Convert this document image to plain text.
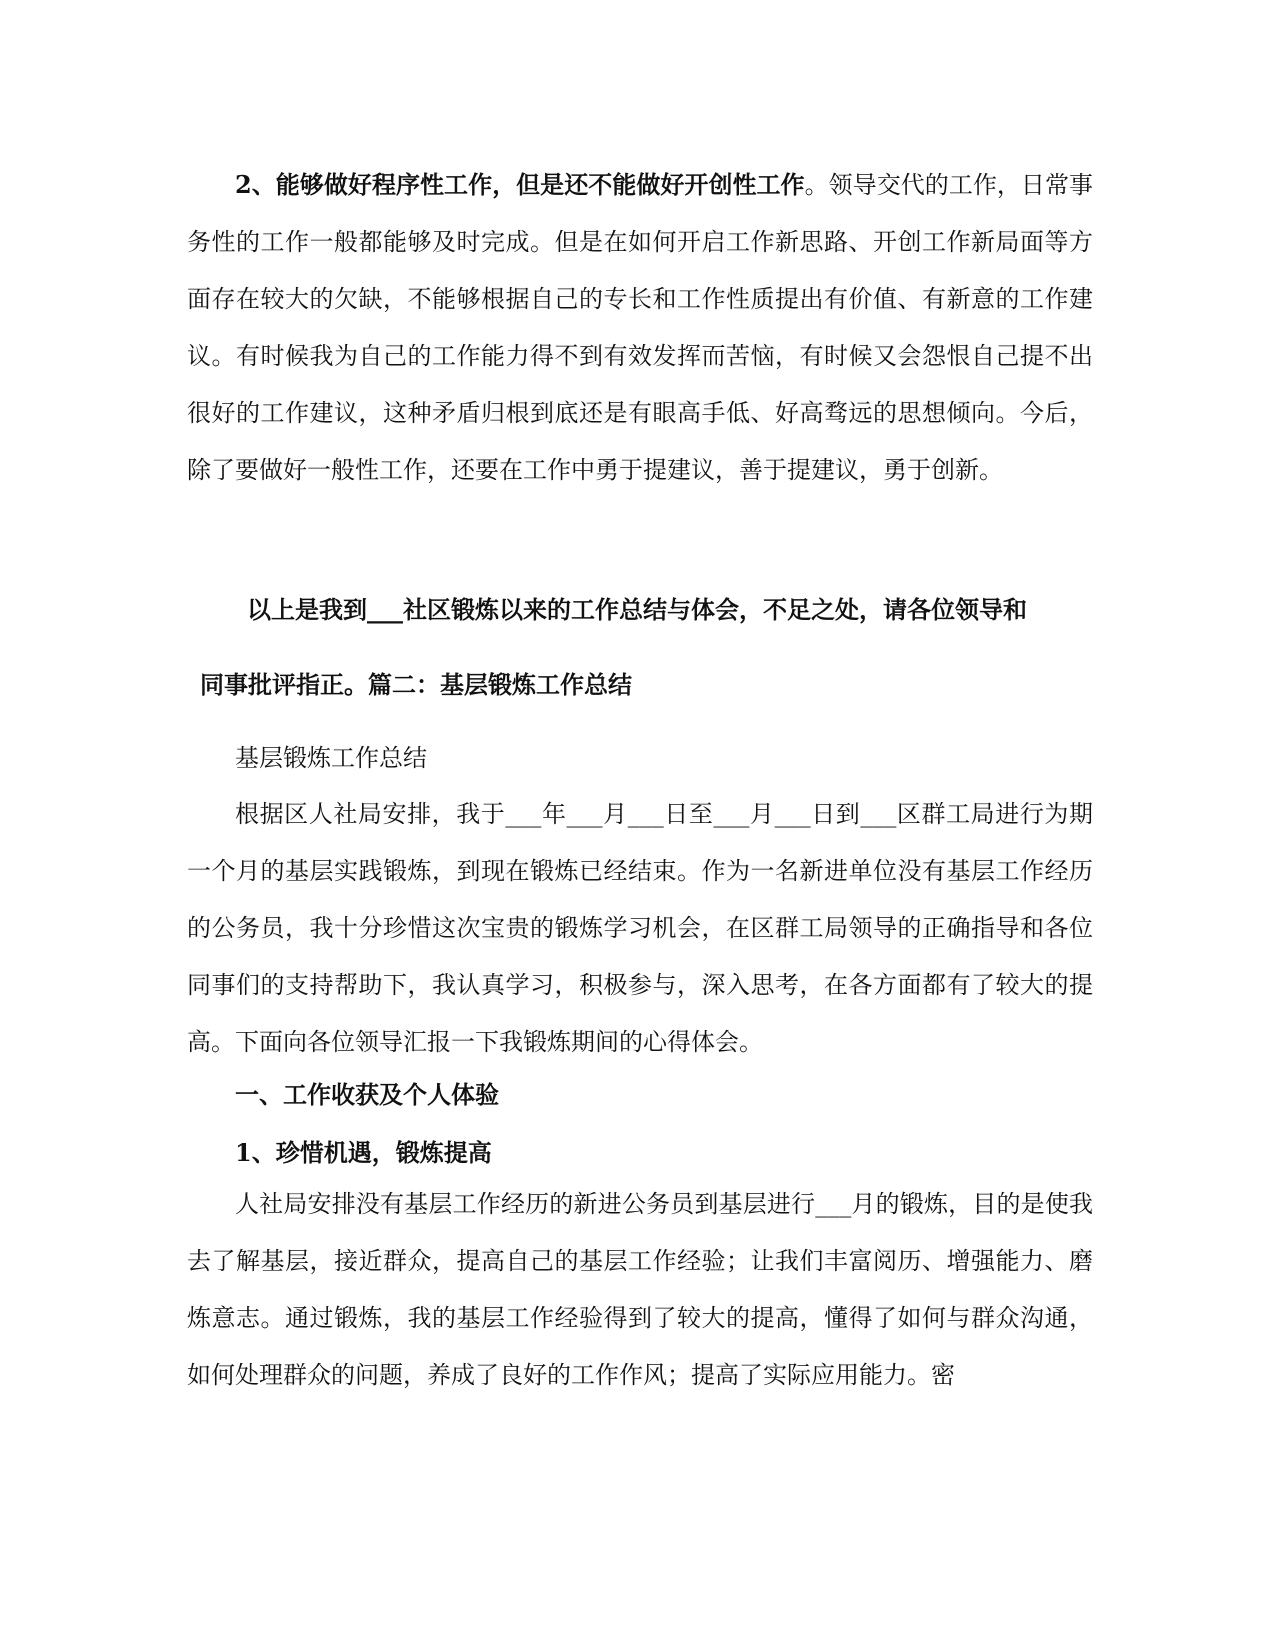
2、能够做好程序性工作，但是还不能做好开创性工作。领导交代的工作，日常事务性的工作一般都能够及时完成。但是在如何开启工作新思路、开创工作新局面等方面存在较大的欠缺，不能够根据自己的专长和工作性质提出有价值、有新意的工作建议。有时候我为自己的工作能力得不到有效发挥而苦恼，有时候又会怨恨自己提不出很好的工作建议，这种矛盾归根到底还是有眼高手低、好高骛远的思想倾向。今后，除了要做好一般性工作，还要在工作中勇于提建议，善于提建议，勇于创新。

以上是我到___社区锻炼以来的工作总结与体会，不足之处，请各位领导和

同事批评指正。篇二：基层锻炼工作总结

基层锻炼工作总结

根据区人社局安排，我于___年___月___日至___月___日到___区群工局进行为期一个月的基层实践锻炼，到现在锻炼已经结束。作为一名新进单位没有基层工作经历的公务员，我十分珍惜这次宝贵的锻炼学习机会，在区群工局领导的正确指导和各位同事们的支持帮助下，我认真学习，积极参与，深入思考，在各方面都有了较大的提高。下面向各位领导汇报一下我锻炼期间的心得体会。

一、工作收获及个人体验

1、珍惜机遇，锻炼提高

人社局安排没有基层工作经历的新进公务员到基层进行___月的锻炼，目的是使我去了解基层，接近群众，提高自己的基层工作经验；让我们丰富阅历、增强能力、磨炼意志。通过锻炼，我的基层工作经验得到了较大的提高，懂得了如何与群众沟通，如何处理群众的问题，养成了良好的工作作风；提高了实际应用能力。密
